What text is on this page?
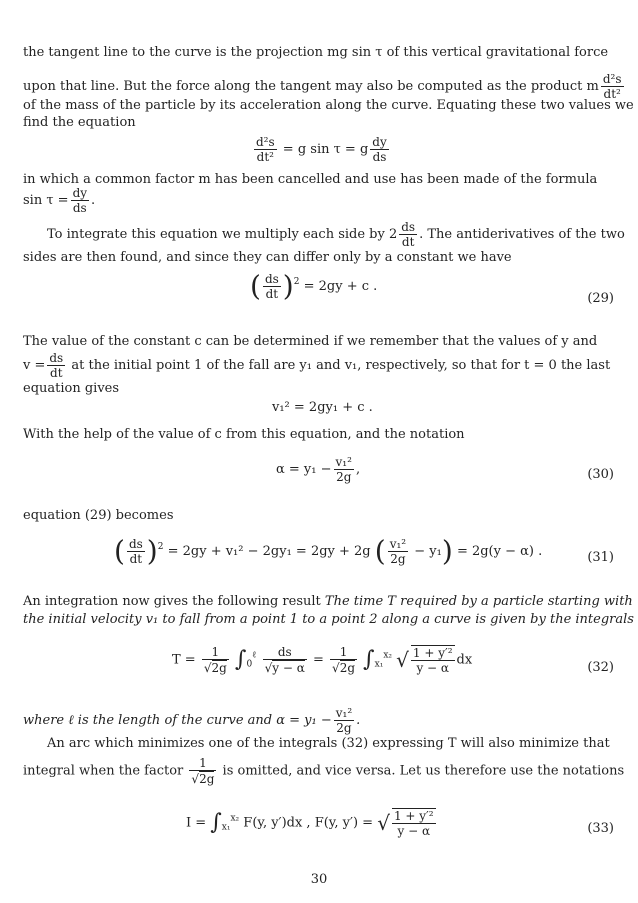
the tangent line to the curve is the projection mg sin τ of this vertical gravitational force
upon that line. But the force along the tangent may also be computed as the product m $\frac{\text{d²s}}{\text{dt²}}$
of the mass of the particle by its acceleration along the curve. Equating these two values we
find the equation
$\frac{\text{d²s}}{\text{dt²}} = g$ sin τ = g $\frac{dy}{ds}$
in which a common factor m has been cancelled and use has been made of the formula
$\sin \tau = \frac{dy}{ds}$ .
To integrate this equation we multiply each side by $2 \frac{ds}{dt}$ . The antiderivatives of the two
sides are then found, and since they can differ only by a constant we have
( $\frac{ds}{dt} )^2 = 2gy + c$ .
(29)
The value of the constant c can be determined if we remember that the values of y and
$v = \frac{ds}{dt}$ at the initial point 1 of the fall are y₁ and v₁, respectively, so that for t = 0 the last
equation gives
v₁² = 2gy₁ + c .
With the help of the value of c from this equation, and the notation
$\alpha = y_1 - \frac{\text{v₁²}}{2g}$ ,	(30)
equation (29) becomes
( $\frac{ds}{dt} )^2 = 2gy + v_1^2 - 2gy_1 = 2gy + 2g$ ( $\frac{\text{v₁²}}{2g} - y_1) = 2g(y - \alpha)$ .	(31)
An integration now gives the following result The time T required by a particle starting with
the initial velocity v₁ to fall from a point 1 to a point 2 along a curve is given by the integrals
$T = \frac{1}{√2g} \int_0^\ell \frac{ds}{√y - \alpha} = \frac{1}{√2g} \int_{x_1}^{x_2}$ √ $\frac{\text{1 + y′²}}{y - \alpha}$ dx	(32)
where ℓ is the length of the curve and $\alpha = y_1 - \frac{\text{v₁²}}{2g}$ .
An arc which minimizes one of the integrals (32) expressing T will also minimize that
integral when the factor $\frac{1}{√2g}$ is omitted, and vice versa. Let us therefore use the notations
$I = \int_{x_1}^{x_2}$ F(y, y′)dx , F(y, y′) = √ $\frac{\text{1 + y′²}}{y - \alpha}$	(33)
30
